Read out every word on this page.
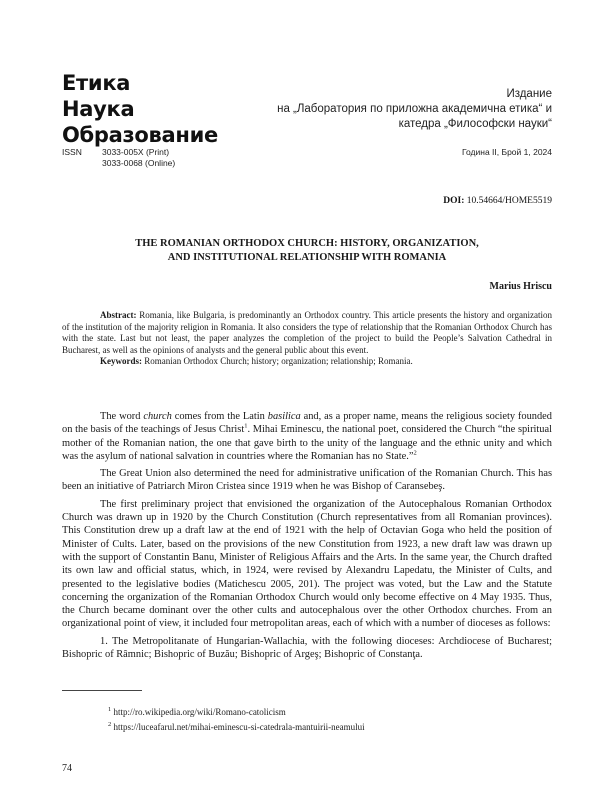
Етика
Наука
Образование
Издание
на „Лаборатория по приложна академична етика“ и
катедра „Философски науки“
ISSN 3033-005X (Print)
3033-0068 (Online)
Година II, Брой 1, 2024
DOI: 10.54664/HOME5519
THE ROMANIAN ORTHODOX CHURCH: HISTORY, ORGANIZATION,
AND INSTITUTIONAL RELATIONSHIP WITH ROMANIA
Marius Hriscu

Abstract: Romania, like Bulgaria, is predominantly an Orthodox country. This article presents the history and organization of the institution of the majority religion in Romania. It also considers the type of relationship that the Romanian Orthodox Church has with the state. Last but not least, the paper analyzes the completion of the project to build the People’s Salvation Cathedral in Bucharest, as well as the opinions of analysts and the general public about this event.

Keywords: Romanian Orthodox Church; history; organization; relationship; Romania.

The word church comes from the Latin basilica and, as a proper name, means the religious society founded on the basis of the teachings of Jesus Christ$^1$. Mihai Eminescu, the national poet, considered the Church “the spiritual mother of the Romanian nation, the one that gave birth to the unity of the language and the ethnic unity and which was the asylum of national salvation in countries where the Romanian has no State.”$^2$

The Great Union also determined the need for administrative unification of the Romanian Church. This has been an initiative of Patriarch Miron Cristea since 1919 when he was Bishop of Caransebeş.

The first preliminary project that envisioned the organization of the Autocephalous Romanian Orthodox Church was drawn up in 1920 by the Church Constitution (Church representatives from all Romanian provinces). This Constitution drew up a draft law at the end of 1921 with the help of Octavian Goga who held the position of Minister of Cults. Later, based on the provisions of the new Constitution from 1923, a new draft law was drawn up with the support of Constantin Banu, Minister of Religious Affairs and the Arts. In the same year, the Church drafted its own law and official status, which, in 1924, were revised by Alexandru Lapedatu, the Minister of Cults, and presented to the legislative bodies (Matichescu 2005, 201). The project was voted, but the Law and the Statute concerning the organization of the Romanian Orthodox Church would only become effective on 4 May 1935. Thus, the Church became dominant over the other cults and autocephalous over the other Orthodox churches. From an organizational point of view, it included four metropolitan areas, each of which with a number of dioceses as follows:

1. The Metropolitanate of Hungarian-Wallachia, with the following dioceses: Archdiocese of Bucharest; Bishopric of Râmnic; Bishopric of Buzău; Bishopric of Argeş; Bishopric of Constanţa.

$^1$ http://ro.wikipedia.org/wiki/Romano-catolicism
$^2$ https://luceafarul.net/mihai-eminescu-si-catedrala-mantuirii-neamului
74
